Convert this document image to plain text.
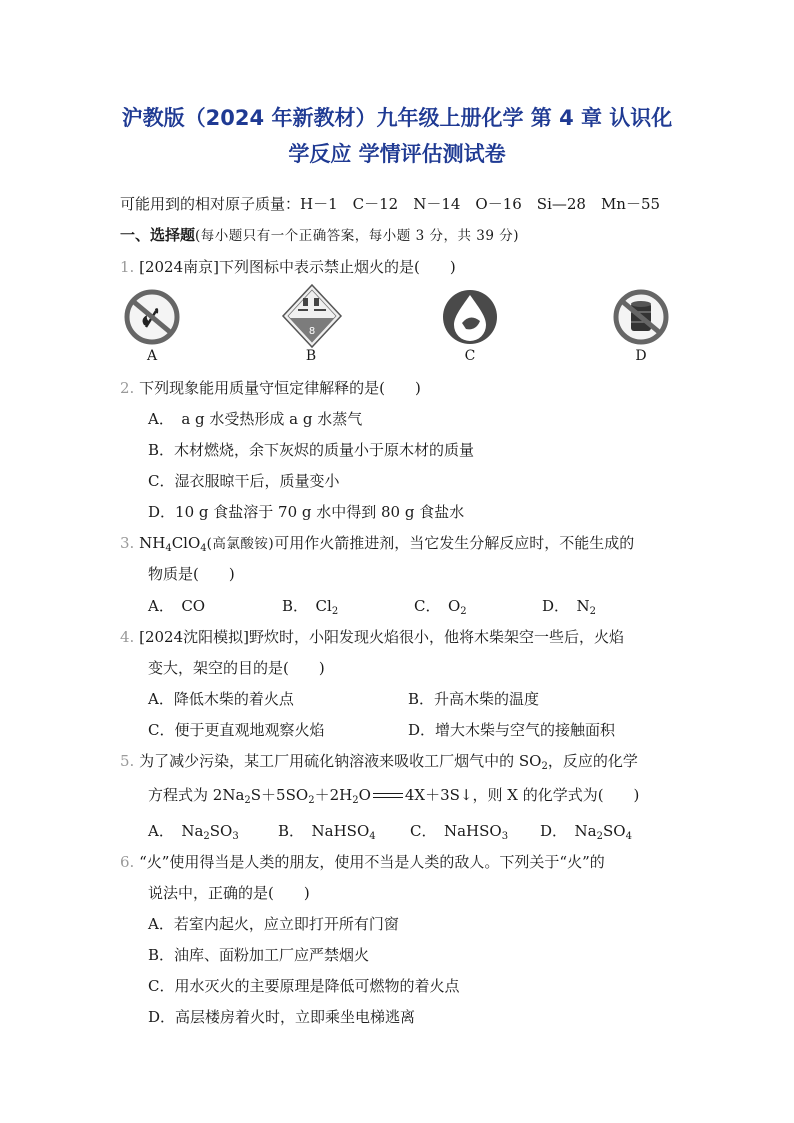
沪教版（2024 年新教材）九年级上册化学 第 4 章 认识化
学反应 学情评估测试卷
可能用到的相对原子质量：H－1　C－12　N－14　O－16　Si—28　Mn－55
一、选择题(每小题只有一个正确答案，每小题 3 分，共 39 分)
1. [2024南京]下列图标中表示禁止烟火的是(　　)
A
8
B	C	D
2. 下列现象能用质量守恒定律解释的是(　　)
A．　a g 水受热形成 a g 水蒸气
B．木材燃烧，余下灰烬的质量小于原木材的质量
C．湿衣服晾干后，质量变小
D．10 g 食盐溶于 70 g 水中得到 80 g 食盐水
3. $NH_4ClO_4$(高氯酸铵)可用作火箭推进剂，当它发生分解反应时，不能生成的
物质是(　　)
A．　CO	B．　$Cl_2$	C．　$O_2$	D．　$N_2$
4. [2024沈阳模拟]野炊时，小阳发现火焰很小，他将木柴架空一些后，火焰
变大，架空的目的是(　　)
A．降低木柴的着火点	B．升高木柴的温度
C．便于更直观地观察火焰	D．增大木柴与空气的接触面积
5. 为了减少污染，某工厂用硫化钠溶液来吸收工厂烟气中的 $SO_2$，反应的化学
方程式为 $2Na_2S+5SO_2+2H_2O$ 4X＋3S↓，则 X 的化学式为(　　)
A．　$Na_2SO_3$	B．　NaHSO$_4$ C．　NaHSO$_3$ D．　$Na_2SO_4$
6. “火”使用得当是人类的朋友，使用不当是人类的敌人。下列关于“火”的
说法中，正确的是(　　)
A．若室内起火，应立即打开所有门窗
B．油库、面粉加工厂应严禁烟火
C．用水灭火的主要原理是降低可燃物的着火点
D．高层楼房着火时，立即乘坐电梯逃离
